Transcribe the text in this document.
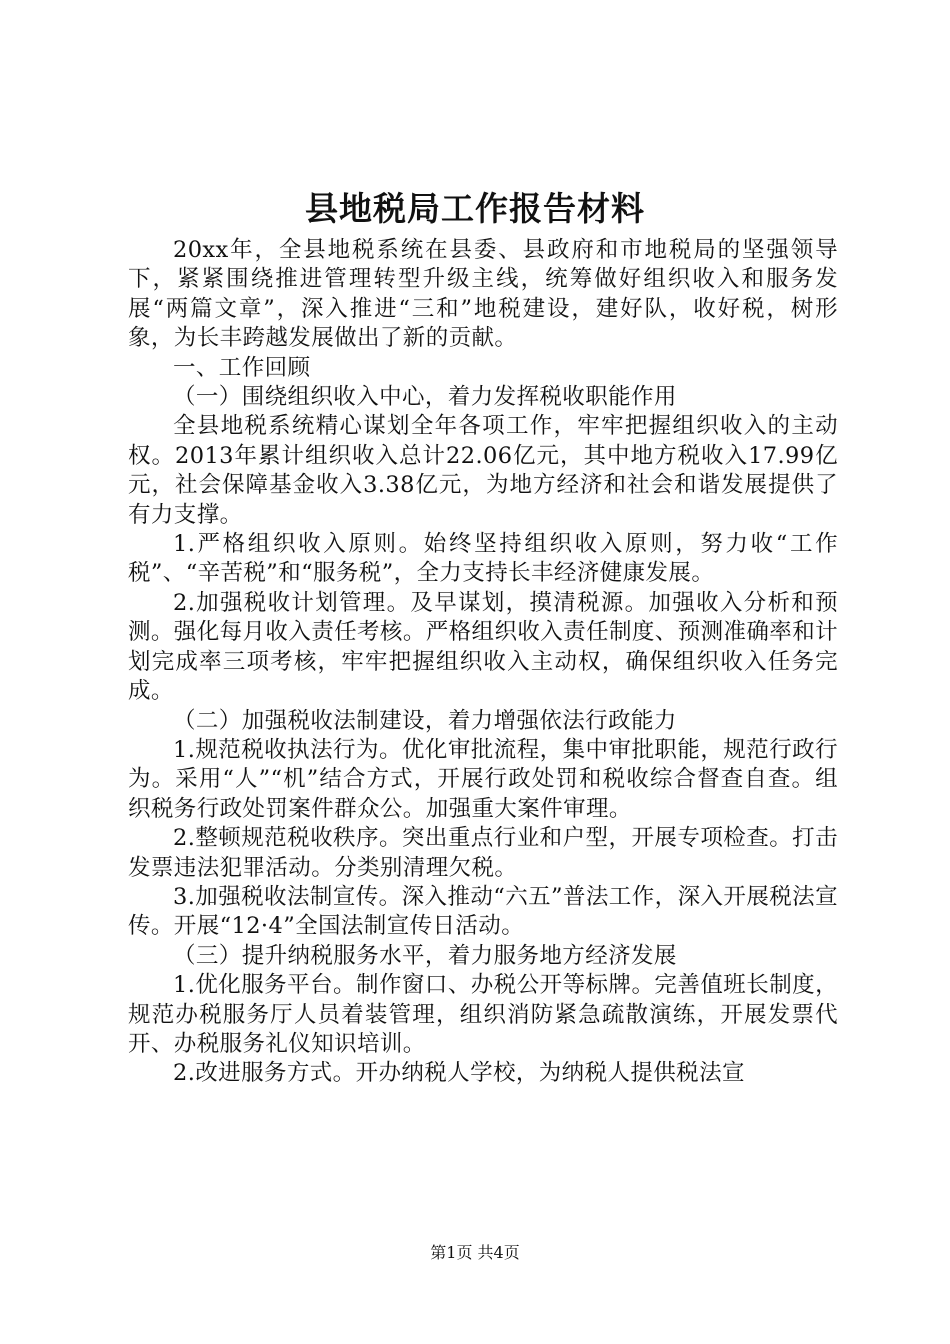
县地税局工作报告材料

20xx年，全县地税系统在县委、县政府和市地税局的坚强领导下，紧紧围绕推进管理转型升级主线，统筹做好组织收入和服务发展“两篇文章”，深入推进“三和”地税建设，建好队，收好税，树形象，为长丰跨越发展做出了新的贡献。

一、工作回顾

（一）围绕组织收入中心，着力发挥税收职能作用

全县地税系统精心谋划全年各项工作，牢牢把握组织收入的主动权。2013年累计组织收入总计22.06亿元，其中地方税收入17.99亿元，社会保障基金收入3.38亿元，为地方经济和社会和谐发展提供了有力支撑。

1.严格组织收入原则。始终坚持组织收入原则，努力收“工作税”、“辛苦税”和“服务税”，全力支持长丰经济健康发展。

2.加强税收计划管理。及早谋划，摸清税源。加强收入分析和预测。强化每月收入责任考核。严格组织收入责任制度、预测准确率和计划完成率三项考核，牢牢把握组织收入主动权，确保组织收入任务完成。

（二）加强税收法制建设，着力增强依法行政能力

1.规范税收执法行为。优化审批流程，集中审批职能，规范行政行为。采用“人”“机”结合方式，开展行政处罚和税收综合督查自查。组织税务行政处罚案件群众公。加强重大案件审理。

2.整顿规范税收秩序。突出重点行业和户型，开展专项检查。打击发票违法犯罪活动。分类别清理欠税。

3.加强税收法制宣传。深入推动“六五”普法工作，深入开展税法宣传。开展“12·4”全国法制宣传日活动。

（三）提升纳税服务水平，着力服务地方经济发展

1.优化服务平台。制作窗口、办税公开等标牌。完善值班长制度，规范办税服务厅人员着装管理，组织消防紧急疏散演练，开展发票代开、办税服务礼仪知识培训。

2.改进服务方式。开办纳税人学校，为纳税人提供税法宣

第1页 共4页
